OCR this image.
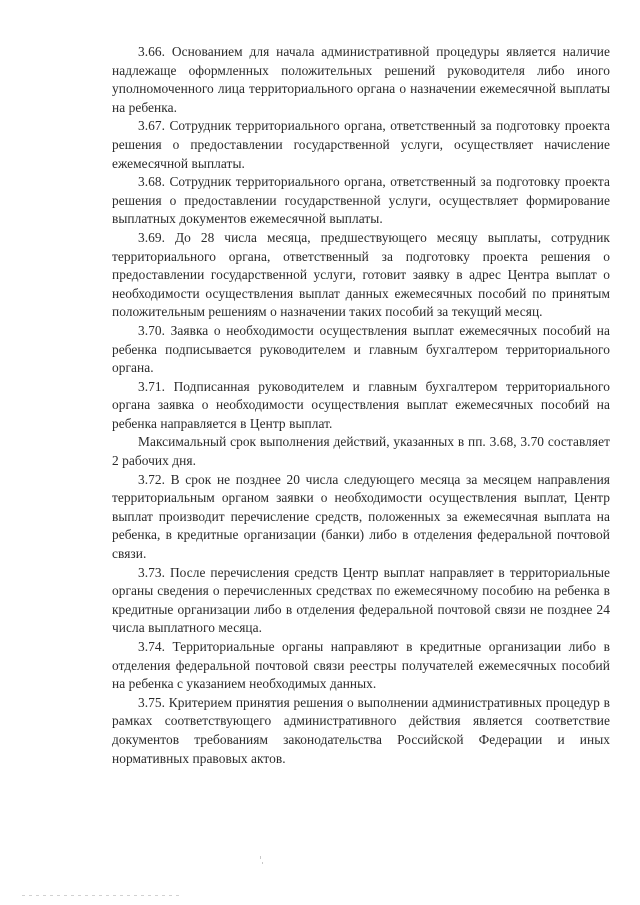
3.66. Основанием для начала административной процедуры является наличие надлежаще оформленных положительных решений руководителя либо иного уполномоченного лица территориального органа о назначении ежемесячной выплаты на ребенка.

3.67. Сотрудник территориального органа, ответственный за подготовку проекта решения о предоставлении государственной услуги, осуществляет начисление ежемесячной выплаты.

3.68. Сотрудник территориального органа, ответственный за подготовку проекта решения о предоставлении государственной услуги, осуществляет формирование выплатных документов ежемесячной выплаты.

3.69. До 28 числа месяца, предшествующего месяцу выплаты, сотрудник территориального органа, ответственный за подготовку проекта решения о предоставлении государственной услуги, готовит заявку в адрес Центра выплат о необходимости осуществления выплат данных ежемесячных пособий по принятым положительным решениям о назначении таких пособий за текущий месяц.

3.70. Заявка о необходимости осуществления выплат ежемесячных пособий на ребенка подписывается руководителем и главным бухгалтером территориального органа.

3.71. Подписанная руководителем и главным бухгалтером территориального органа заявка о необходимости осуществления выплат ежемесячных пособий на ребенка направляется в Центр выплат.

Максимальный срок выполнения действий, указанных в пп. 3.68, 3.70 составляет 2 рабочих дня.

3.72. В срок не позднее 20 числа следующего месяца за месяцем направления территориальным органом заявки о необходимости осуществления выплат, Центр выплат производит перечисление средств, положенных за ежемесячная выплата на ребенка, в кредитные организации (банки) либо в отделения федеральной почтовой связи.

3.73. После перечисления средств Центр выплат направляет в территориальные органы сведения о перечисленных средствах по ежемесячному пособию на ребенка в кредитные организации либо в отделения федеральной почтовой связи не позднее 24 числа выплатного месяца.

3.74. Территориальные органы направляют в кредитные организации либо в отделения федеральной почтовой связи реестры получателей ежемесячных пособий на ребенка с указанием необходимых данных.

3.75. Критерием принятия решения о выполнении административных процедур в рамках соответствующего административного действия является соответствие документов требованиям законодательства Российской Федерации и иных нормативных правовых актов.
